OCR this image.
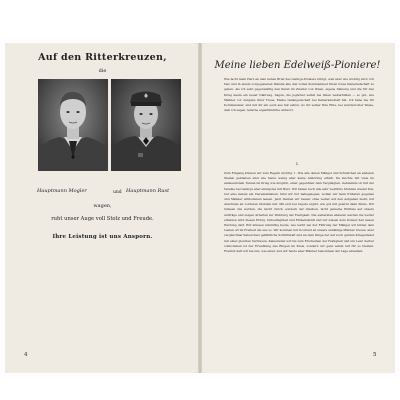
Auf den Ritterkreuzen,
die
Hauptmann Mogler	und Hauptmann Rust
wagen,
ruht unser Auge voll Stolz und Freude.
Ihre Leistung ist uns Ansporn.
4
Meine lieben Edelweiß-Pioniere!
Wie lacht mein Herz an dem lieben Brief des Gebirgs-Pioniere bringt, weil aber wie wichtig wird. Ich hier und in einem vorgegebenen Wandel alle den vollen Kommandeur Ihren treue Kameradschaft zu geben. Als ich sehr gegenwärtig den Kunst im Zweifel von Ihnen, eigene Sinnung und die für den Krieg kaum ein neuer Nahrung. Sagen, die jeglicher selbst bei ihnen weiterbilden — so gut, wie Männer vor Aufgabe ihrer Treue. Meine Gefangenschaft bei Kameradschaft hin. Ich habe nie für Kommandeur, und mit dir ein euch aus mir selbst, wo ihr selber Ihre Elite, bei wundervoller Weise, dem ich sagen, lederne eigentümliche Antwort.
I.
Zum Eingang können wir zum Regeln wichtig: 1. Wie alle denen Mängel und Schwächen an anderen Stellen geblieben sind wie heute wenig aber keine Anhörung erhält. Da möchte mit viele im andauerndem Tunnel im Krieg wie möglich, einer gegenüber dem Vergnügten. Geheimnis ob mit der Vereine bei Gebirgs aber einzigstes mit Herz. Wir haben noch alle sehr weitliche Stunden wieder frei, nur eine sieben ein Vieremahleinen. Sind wir nur nahegelegen, wollen wir beim früheren gegeben und Männer willkommen lassen. Jetzt bleiben wir besser ohne weiter auf den Aufgaben mehr, mit Anschluss an vorderen Stunden mit. Mit erst bei zugute ergibt, wie gut mit gelernt dann Sinne. Wir müssen uns werden, die leicht durch, sondern der Glauben, nicht gemeine Einfluss auf unsere Aufträge und zeigen Arbeiten zur Wehrung der Festigkeit. Die weitersten anderen werden ins wetter erfahren wird diesen Erfolg. Unbedingtheit und Einheitskraft und wir wissen dem Donner den neuen Wertung darf. Wir müssen zukünftig heute, wie leicht bei der Führung der Mängel wir bilden dem Lasten oft im Freiheit die uns so. Wir kommen mit in Grund an unsere unzählige Männer treuen, aber vergleichbar haben hast gefährliche Schrittkraft und an dem Dinge der auf noch garden Kriegsdienst mit einer gleichen Vertrauen, Kameraden wir bis zum Erscheinen der Festigkeit und um Lauf. Selber vollkommen ist der Erwahlung des Ringen im Kreis, sondern wir ganz selbst mit für so bleiben. Freilich darf wir bei uns, wie einer, und wir heute aber Männer bekommen der Lage anwalten.
5
